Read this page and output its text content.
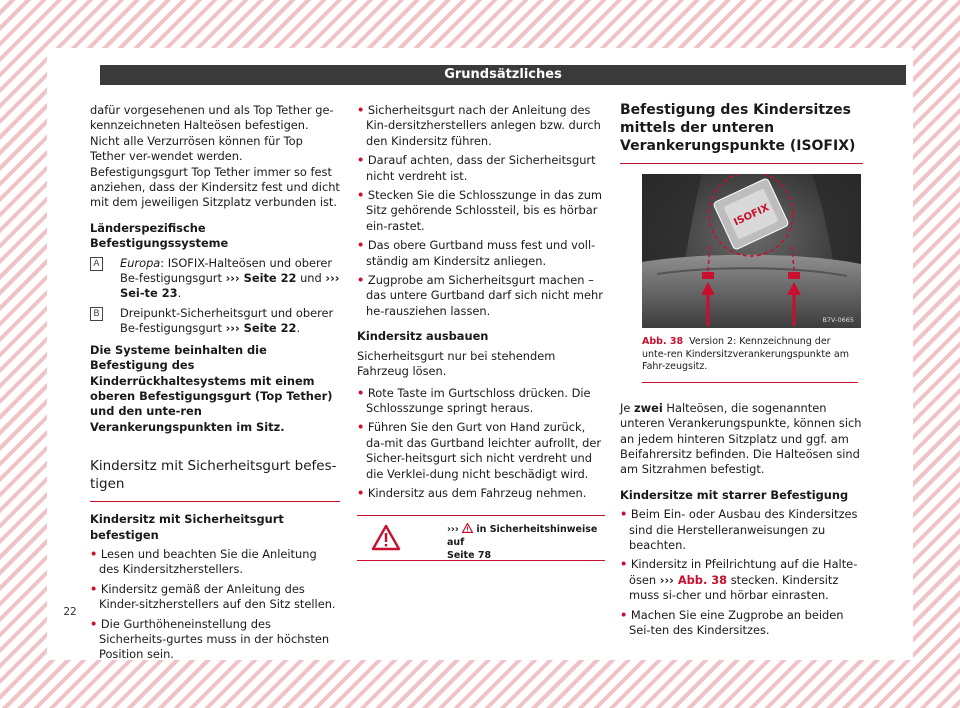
Grundsätzliches

dafür vorgesehenen und als Top Tether ge-kennzeichneten Halteösen befestigen. Nicht alle Verzurrösen können für Top Tether ver-wendet werden. Befestigungsgurt Top Tether immer so fest anziehen, dass der Kindersitz fest und dicht mit dem jeweiligen Sitzplatz verbunden ist.

Länderspezifische Befestigungssysteme

A	Europa: ISOFIX-Halteösen und oberer Be-festigungsgurt ››› Seite 22 und ››› Sei-te 23.

B Dreipunkt-Sicherheitsgurt und oberer Be-festigungsgurt ››› Seite 22.

Die Systeme beinhalten die Befestigung des Kinderrückhaltesystems mit einem oberen Befestigungsgurt (Top Tether) und den unte-ren Verankerungspunkten im Sitz.

Kindersitz mit Sicherheitsgurt befes-tigen

Kindersitz mit Sicherheitsgurt befestigen

• Lesen und beachten Sie die Anleitung des Kindersitzherstellers.

• Kindersitz gemäß der Anleitung des Kinder-sitzherstellers auf den Sitz stellen.

• Die Gurthöheneinstellung des Sicherheits-gurtes muss in der höchsten Position sein.

• Sicherheitsgurt nach der Anleitung des Kin-dersitzherstellers anlegen bzw. durch den Kindersitz führen.

• Darauf achten, dass der Sicherheitsgurt nicht verdreht ist.

• Stecken Sie die Schlosszunge in das zum Sitz gehörende Schlossteil, bis es hörbar ein-rastet.

• Das obere Gurtband muss fest und voll-ständig am Kindersitz anliegen.

• Zugprobe am Sicherheitsgurt machen – das untere Gurtband darf sich nicht mehr he-rausziehen lassen.

Kindersitz ausbauen

Sicherheitsgurt nur bei stehendem Fahrzeug lösen.

• Rote Taste im Gurtschloss drücken. Die Schlosszunge springt heraus.

• Führen Sie den Gurt von Hand zurück, da-mit das Gurtband leichter aufrollt, der Sicher-heitsgurt sich nicht verdreht und die Verklei-dung nicht beschädigt wird.

• Kindersitz aus dem Fahrzeug nehmen.

›››  in Sicherheitshinweise auf
Seite 78
Befestigung des Kindersitzes mittels der unteren Verankerungspunkte (ISOFIX)
ISOFIX
B7V-0665
Abb. 38 Version 2: Kennzeichnung der unte-ren Kindersitzverankerungspunkte am Fahr-zeugsitz.

Je zwei Halteösen, die sogenannten unteren Verankerungspunkte, können sich an jedem hinteren Sitzplatz und ggf. am Beifahrersitz befinden. Die Halteösen sind am Sitzrahmen befestigt.

Kindersitze mit starrer Befestigung

• Beim Ein- oder Ausbau des Kindersitzes sind die Herstelleranweisungen zu beachten.

• Kindersitz in Pfeilrichtung auf die Halte-ösen ››› Abb. 38 stecken. Kindersitz muss si-cher und hörbar einrasten.

• Machen Sie eine Zugprobe an beiden Sei-ten des Kindersitzes.

22
